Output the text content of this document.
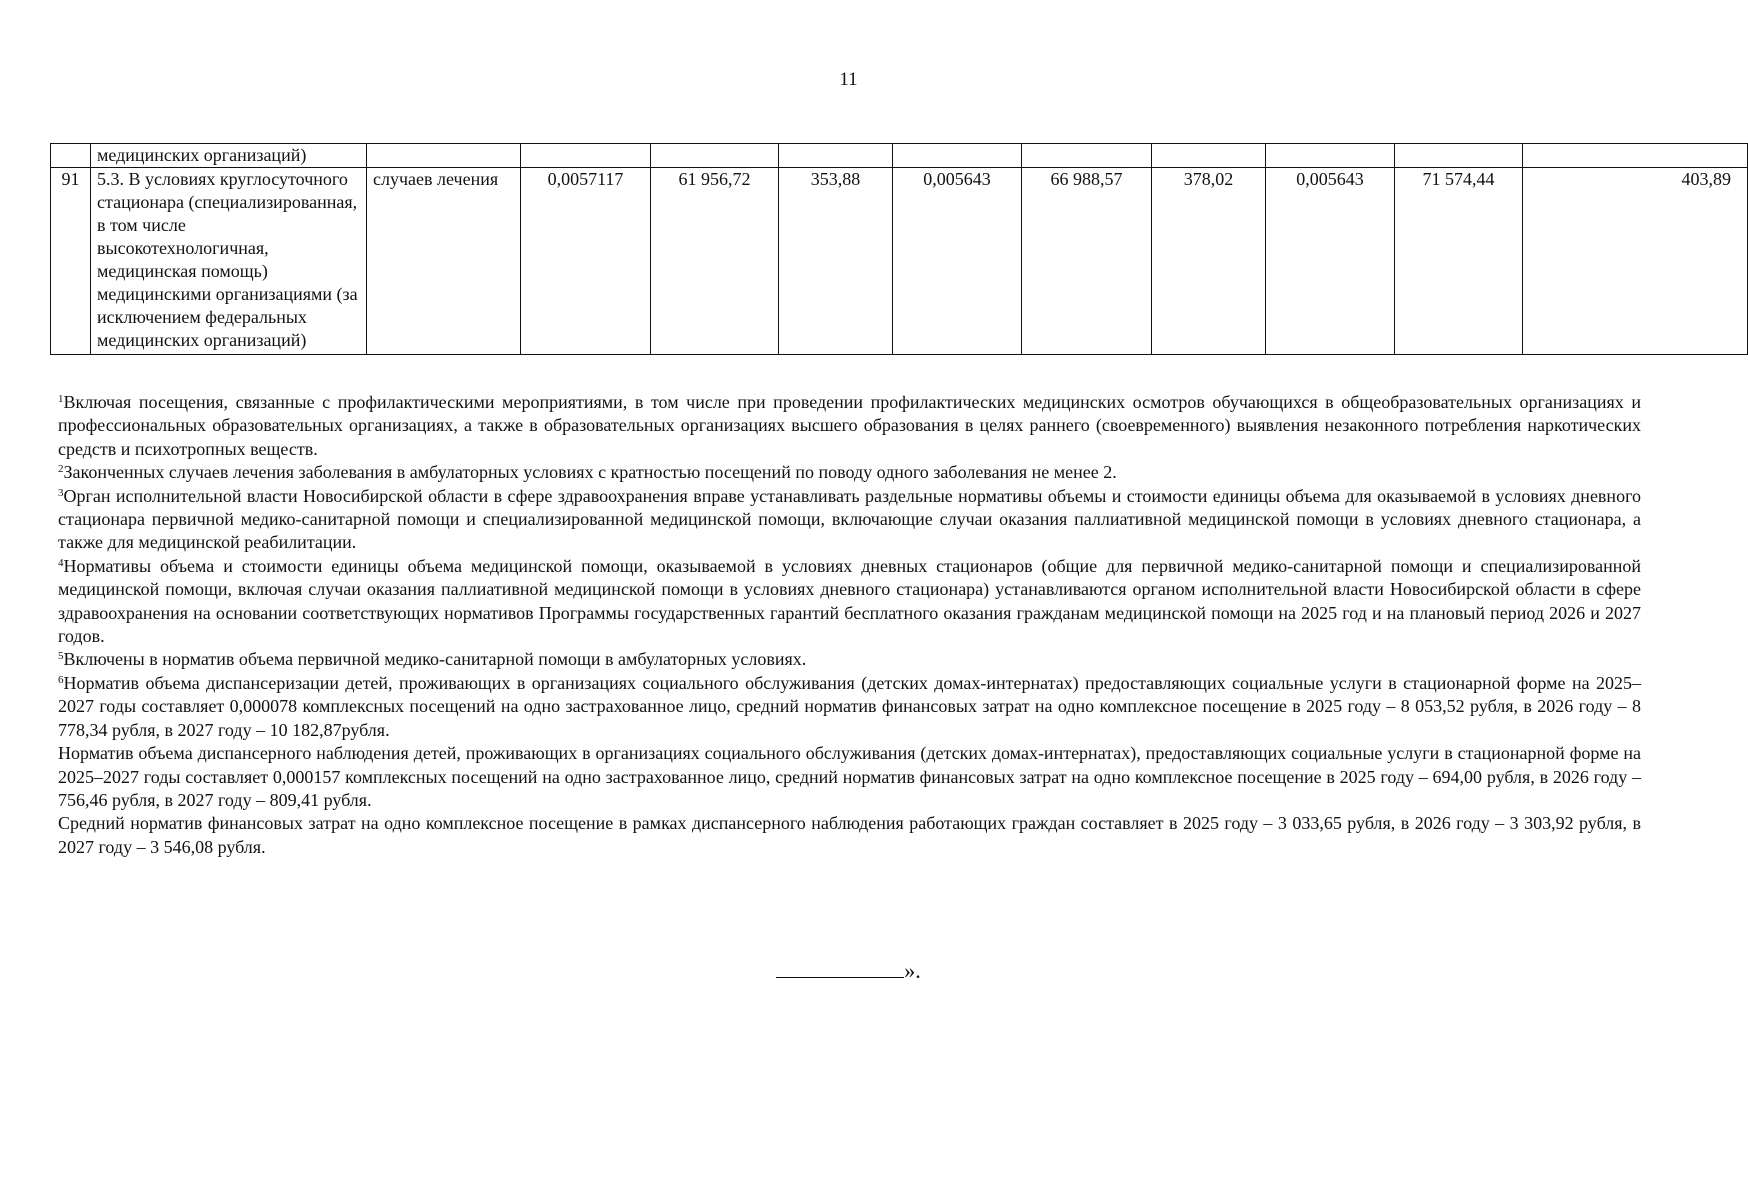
11
	медицинских организаций)										
91	5.3. В условиях круглосуточного стационара (специализированная, в том числе высокотехнологичная, медицинская помощь) медицинскими организациями (за исключением федеральных медицинских организаций)	случаев лечения	0,0057117	61 956,72	353,88	0,005643	66 988,57	378,02	0,005643	71 574,44	403,89

$^1$Включая посещения, связанные с профилактическими мероприятиями, в том числе при проведении профилактических медицинских осмотров обучающихся в общеобразовательных организациях и профессиональных образовательных организациях, а также в образовательных организациях высшего образования в целях раннего (своевременного) выявления незаконного потребления наркотических средств и психотропных веществ.

$^2$Законченных случаев лечения заболевания в амбулаторных условиях с кратностью посещений по поводу одного заболевания не менее 2.

$^3$Орган исполнительной власти Новосибирской области в сфере здравоохранения вправе устанавливать раздельные нормативы объемы и стоимости единицы объема для оказываемой в условиях дневного стационара первичной медико-санитарной помощи и специализированной медицинской помощи, включающие случаи оказания паллиативной медицинской помощи в условиях дневного стационара, а также для медицинской реабилитации.

$^4$Нормативы объема и стоимости единицы объема медицинской помощи, оказываемой в условиях дневных стационаров (общие для первичной медико-санитарной помощи и специализированной медицинской помощи, включая случаи оказания паллиативной медицинской помощи в условиях дневного стационара) устанавливаются органом исполнительной власти Новосибирской области в сфере здравоохранения на основании соответствующих нормативов Программы государственных гарантий бесплатного оказания гражданам медицинской помощи на 2025 год и на плановый период 2026 и 2027 годов.

$^5$Включены в норматив объема первичной медико-санитарной помощи в амбулаторных условиях.

$^6$Норматив объема диспансеризации детей, проживающих в организациях социального обслуживания (детских домах-интернатах) предоставляющих социальные услуги в стационарной форме на 2025–2027 годы составляет 0,000078 комплексных посещений на одно застрахованное лицо, средний норматив финансовых затрат на одно комплексное посещение в 2025 году – 8 053,52 рубля, в 2026 году – 8 778,34 рубля, в 2027 году – 10 182,87рубля.

Норматив объема диспансерного наблюдения детей, проживающих в организациях социального обслуживания (детских домах-интернатах), предоставляющих социальные услуги в стационарной форме на 2025–2027 годы составляет 0,000157 комплексных посещений на одно застрахованное лицо, средний норматив финансовых затрат на одно комплексное посещение в 2025 году – 694,00 рубля, в 2026 году – 756,46 рубля, в 2027 году – 809,41 рубля.

Средний норматив финансовых затрат на одно комплексное посещение в рамках диспансерного наблюдения работающих граждан составляет в 2025 году – 3 033,65 рубля, в 2026 году – 3 303,92 рубля, в 2027 году – 3 546,08 рубля.

».
